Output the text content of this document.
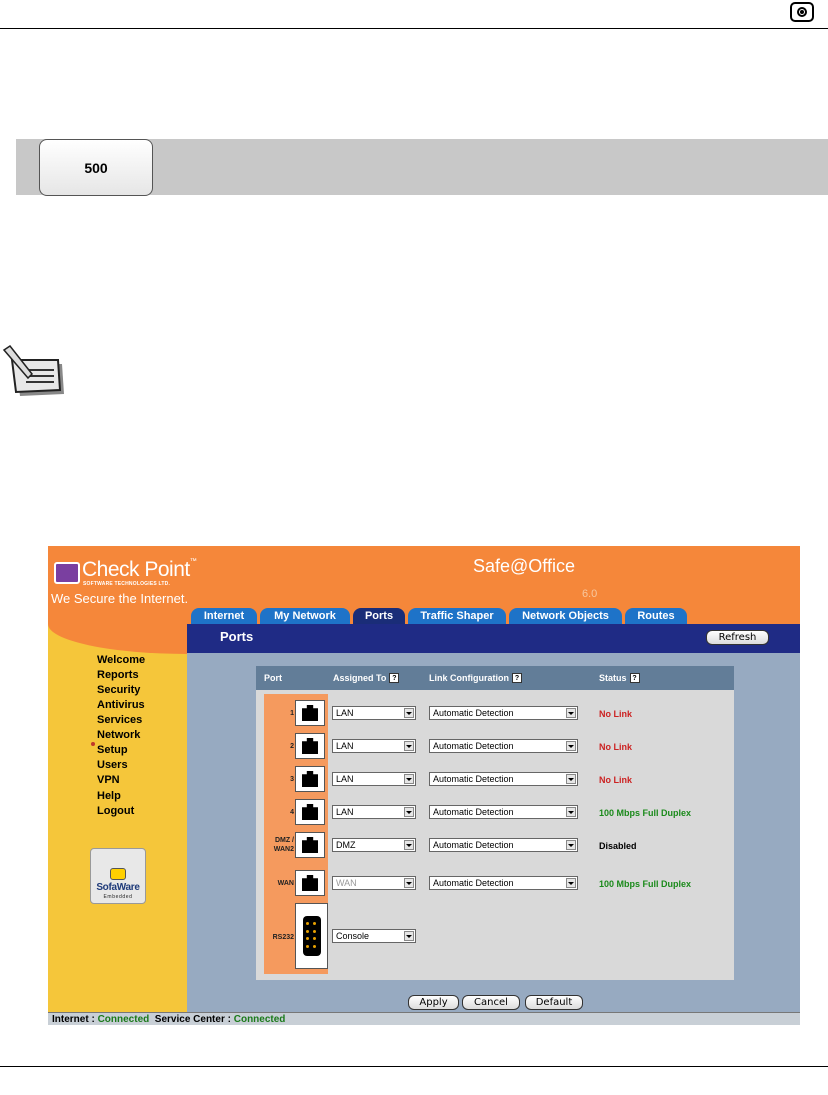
500
Check Point™
SOFTWARE TECHNOLOGIES LTD.
We Secure the Internet.
Safe@Office
6.0
Internet	My Network	Ports	Traffic Shaper	Network Objects	Routes
Ports	Refresh
Welcome
Reports
Security
Antivirus
Services
Network
Setup
Users
VPN
Help
Logout
SofaWare
Embedded
Port	Assigned To ?	Link Configuration ?	Status ?
1	LAN	Automatic Detection	No Link
2	LAN	Automatic Detection	No Link
3	LAN	Automatic Detection	No Link
4	LAN	Automatic Detection	100 Mbps Full Duplex
DMZ / WAN2	DMZ	Automatic Detection	Disabled
WAN	WAN	Automatic Detection	100 Mbps Full Duplex
RS232	Console
Apply	Cancel	Default
Internet :
Connected
Service Center :
Connected
